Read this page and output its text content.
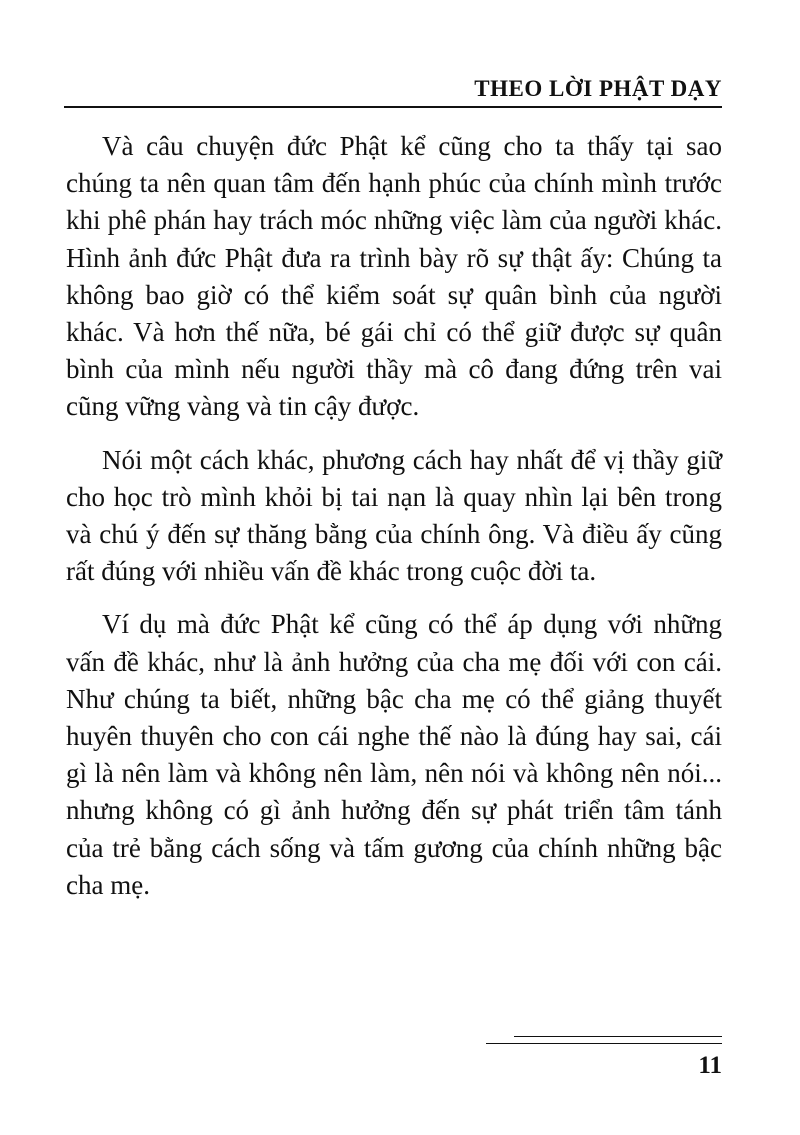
THEO LỜI PHẬT DẠY

Và câu chuyện đức Phật kể cũng cho ta thấy tại sao chúng ta nên quan tâm đến hạnh phúc của chính mình trước khi phê phán hay trách móc những việc làm của người khác. Hình ảnh đức Phật đưa ra trình bày rõ sự thật ấy: Chúng ta không bao giờ có thể kiểm soát sự quân bình của người khác. Và hơn thế nữa, bé gái chỉ có thể giữ được sự quân bình của mình nếu người thầy mà cô đang đứng trên vai cũng vững vàng và tin cậy được.

Nói một cách khác, phương cách hay nhất để vị thầy giữ cho học trò mình khỏi bị tai nạn là quay nhìn lại bên trong và chú ý đến sự thăng bằng của chính ông. Và điều ấy cũng rất đúng với nhiều vấn đề khác trong cuộc đời ta.

Ví dụ mà đức Phật kể cũng có thể áp dụng với những vấn đề khác, như là ảnh hưởng của cha mẹ đối với con cái. Như chúng ta biết, những bậc cha mẹ có thể giảng thuyết huyên thuyên cho con cái nghe thế nào là đúng hay sai, cái gì là nên làm và không nên làm, nên nói và không nên nói... nhưng không có gì ảnh hưởng đến sự phát triển tâm tánh của trẻ bằng cách sống và tấm gương của chính những bậc cha mẹ.

11
